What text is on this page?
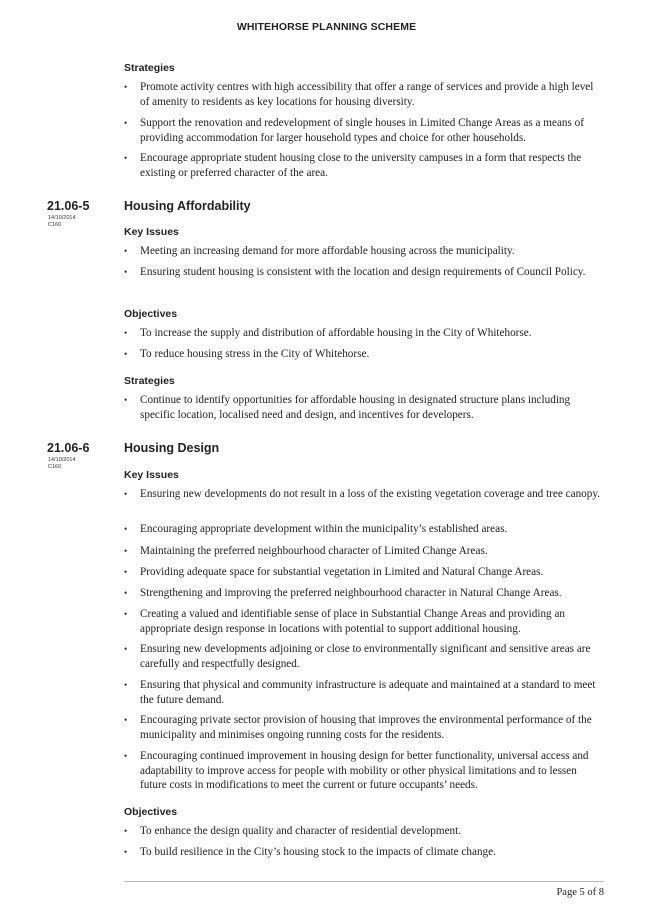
WHITEHORSE PLANNING SCHEME
Strategies
• Promote activity centres with high accessibility that offer a range of services and provide a high level of amenity to residents as key locations for housing diversity.
• Support the renovation and redevelopment of single houses in Limited Change Areas as a means of providing accommodation for larger household types and choice for other households.
• Encourage appropriate student housing close to the university campuses in a form that respects the existing or preferred character of the area.
21.06-5
14/10/2014
C160
Housing Affordability
Key Issues
• Meeting an increasing demand for more affordable housing across the municipality.
• Ensuring student housing is consistent with the location and design requirements of Council Policy.
Objectives
• To increase the supply and distribution of affordable housing in the City of Whitehorse.
• To reduce housing stress in the City of Whitehorse.
Strategies
• Continue to identify opportunities for affordable housing in designated structure plans including specific location, localised need and design, and incentives for developers.
21.06-6
14/10/2014
C160
Housing Design
Key Issues
• Ensuring new developments do not result in a loss of the existing vegetation coverage and tree canopy.
• Encouraging appropriate development within the municipality’s established areas.
• Maintaining the preferred neighbourhood character of Limited Change Areas.
• Providing adequate space for substantial vegetation in Limited and Natural Change Areas.
• Strengthening and improving the preferred neighbourhood character in Natural Change Areas.
• Creating a valued and identifiable sense of place in Substantial Change Areas and providing an appropriate design response in locations with potential to support additional housing.
• Ensuring new developments adjoining or close to environmentally significant and sensitive areas are carefully and respectfully designed.
• Ensuring that physical and community infrastructure is adequate and maintained at a standard to meet the future demand.
• Encouraging private sector provision of housing that improves the environmental performance of the municipality and minimises ongoing running costs for the residents.
• Encouraging continued improvement in housing design for better functionality, universal access and adaptability to improve access for people with mobility or other physical limitations and to lessen future costs in modifications to meet the current or future occupants’ needs.
Objectives
• To enhance the design quality and character of residential development.
• To build resilience in the City’s housing stock to the impacts of climate change.
Page 5 of 8
